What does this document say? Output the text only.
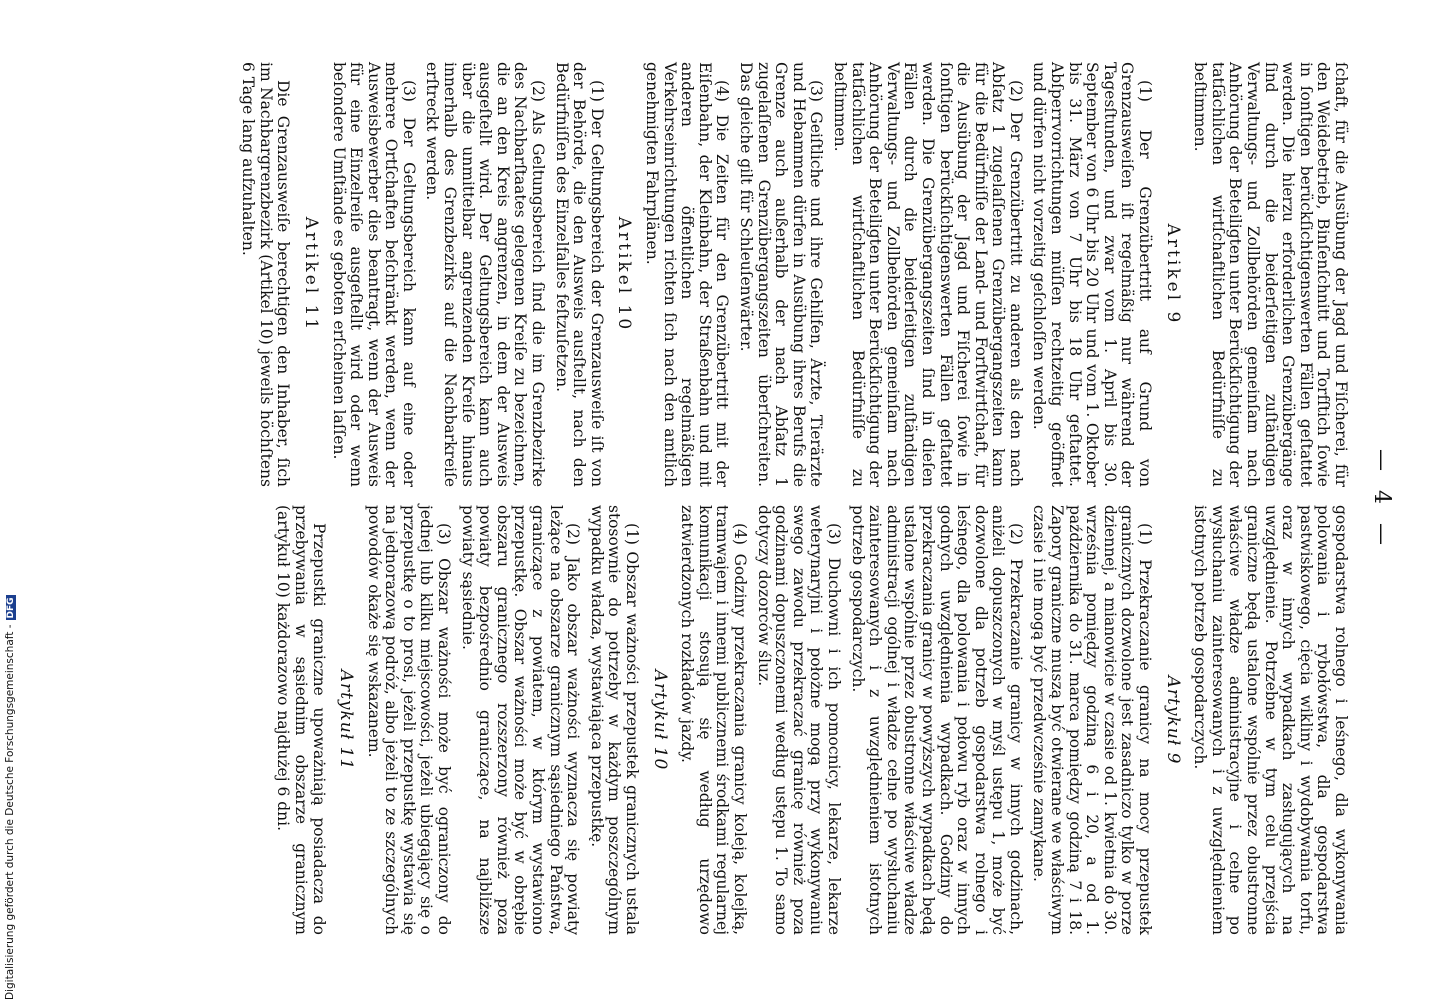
— 4 —

ſchaft, für die Ausübung der Jagd und Fiſcherei, für den Weidebetrieb, Binſenſchnitt und Torfſtich ſowie in ſonſtigen berückſichtigenswerten Fällen geſtattet werden. Die hierzu erforderlichen Grenzübergänge ſind durch die beiderſeitigen zuſtändigen Verwaltungs- und Zollbehörden gemeinſam nach Anhörung der Beteiligten unter Berückſichtigung der tatſächlichen wirtſchaftlichen Bedürfniſſe zu beſtimmen.

Artikel 9

(1) Der Grenzübertritt auf Grund von Grenzausweiſen iſt regelmäßig nur während der Tagesſtunden, und zwar vom 1. April bis 30. September von 6 Uhr bis 20 Uhr und vom 1. Oktober bis 31. März von 7 Uhr bis 18 Uhr geſtattet. Abſperrvorrichtungen müſſen rechtzeitig geöffnet und dürfen nicht vorzeitig geſchloſſen werden.

(2) Der Grenzübertritt zu anderen als den nach Abſatz 1 zugelaſſenen Grenzübergangszeiten kann für die Bedürfniſſe der Land- und Forſtwirtſchaft, für die Ausübung der Jagd und Fiſcherei ſowie in ſonſtigen berückſichtigenswerten Fällen geſtattet werden. Die Grenzübergangszeiten ſind in dieſen Fällen durch die beiderſeitigen zuſtändigen Verwaltungs- und Zollbehörden gemeinſam nach Anhörung der Beteiligten unter Berückſichtigung der tatſächlichen wirtſchaftlichen Bedürfniſſe zu beſtimmen.

(3) Geiſtliche und ihre Gehilfen, Ärzte, Tierärzte und Hebammen dürfen in Ausübung ihres Berufs die Grenze auch außerhalb der nach Abſatz 1 zugelaſſenen Grenzübergangszeiten überſchreiten. Das gleiche gilt für Schleuſenwärter.

(4) Die Zeiten für den Grenzübertritt mit der Eiſenbahn, der Kleinbahn, der Straßenbahn und mit anderen öffentlichen regelmäßigen Verkehrseinrichtungen richten ſich nach den amtlich genehmigten Fahrplänen.

Artikel 10

(1) Der Geltungsbereich der Grenzausweiſe iſt von der Behörde, die den Ausweis ausſtellt, nach den Bedürfniſſen des Einzelfalles feſtzuſetzen.

(2) Als Geltungsbereich ſind die im Grenzbezirke des Nachbarſtaates gelegenen Kreiſe zu bezeichnen, die an den Kreis angrenzen, in dem der Ausweis ausgeſtellt wird. Der Geltungsbereich kann auch über die unmittelbar angrenzenden Kreiſe hinaus innerhalb des Grenzbezirks auf die Nachbarkreiſe erſtreckt werden.

(3) Der Geltungsbereich kann auf eine oder mehrere Ortſchaften beſchränkt werden, wenn der Ausweisbewerber dies beantragt, wenn der Ausweis für eine Einzelreiſe ausgeſtellt wird oder wenn beſondere Umſtände es geboten erſcheinen laſſen.

Artikel 11

Die Grenzausweiſe berechtigen den Inhaber, ſich im Nachbargrenzbezirk (Artikel 10) jeweils höchſtens 6 Tage lang aufzuhalten.

gospodarstwa rolnego i leśnego, dla wykonywania polowania i rybołówstwa, dla gospodarstwa pastwiskowego, cięcia wikliny i wydobywania torfu, oraz w innych wypadkach zasługujących na uwzględnienie. Potrzebne w tym celu przejścia graniczne będą ustalone wspólnie przez obustronne właściwe władze administracyjne i celne po wysłuchaniu zainteresowanych i z uwzględnieniem istotnych potrzeb gospodarczych.

Artykuł 9

(1) Przekraczanie granicy na mocy przepustek granicznych dozwolone jest zasadniczo tylko w porze dziennej, a mianowicie w czasie od 1. kwietnia do 30. września pomiędzy godziną 6 i 20, a od 1. października do 31. marca pomiędzy godziną 7 i 18. Zapory graniczne muszą być otwierane we właściwym czasie i nie mogą być przedwcześnie zamykane.

(2) Przekraczanie granicy w innych godzinach, aniżeli dopuszczonych w myśl ustępu 1, może być dozwolone dla potrzeb gospodarstwa rolnego i leśnego, dla polowania i połowu ryb oraz w innych godnych uwzględnienia wypadkach. Godziny do przekraczania granicy w powyższych wypadkach będą ustalone wspólnie przez obustronne właściwe władze administracji ogólnej i władze celne po wysłuchaniu zainteresowanych i z uwzględnieniem istotnych potrzeb gospodarczych.

(3) Duchowni i ich pomocnicy, lekarze, lekarze weterynaryjni i położne mogą przy wykonywaniu swego zawodu przekraczać granicę również poza godzinami dopuszczonemi według ustępu 1. To samo dotyczy dozorców śluz.

(4) Godziny przekraczania granicy koleją, kolejką, tramwajem i innemi publicznemi środkami regularnej komunikacji stosują się według urzędowo zatwierdzonych rozkładów jazdy.

Artykuł 10

(1) Obszar ważności przepustek granicznych ustala stosownie do potrzeby w każdym poszczególnym wypadku władza, wystawiająca przepustkę.

(2) Jako obszar ważności wyznacza się powiaty leżące na obszarze granicznym sąsiedniego Państwa, graniczące z powiatem, w którym wystawiono przepustkę. Obszar ważności może być w obrębie obszaru granicznego rozszerzony również poza powiaty bezpośrednio graniczące, na najbliższe powiaty sąsiednie.

(3) Obszar ważności może być ograniczony do jednej lub kilku miejscowości, jeżeli ubiegający się o przepustkę o to prosi, jeżeli przepustkę wystawia się na jednorazową podróż, albo jeżeli to ze szczególnych powodów okaże się wskazanem.

Artykuł 11

Przepustki graniczne upoważniają posiadacza do przebywania w sąsiednim obszarze granicznym (artykuł 10) każdorazowo najdłużej 6 dni.

Digitalisierung gefördert durch die Deutsche Forschungsgemeinschaft -DFG
